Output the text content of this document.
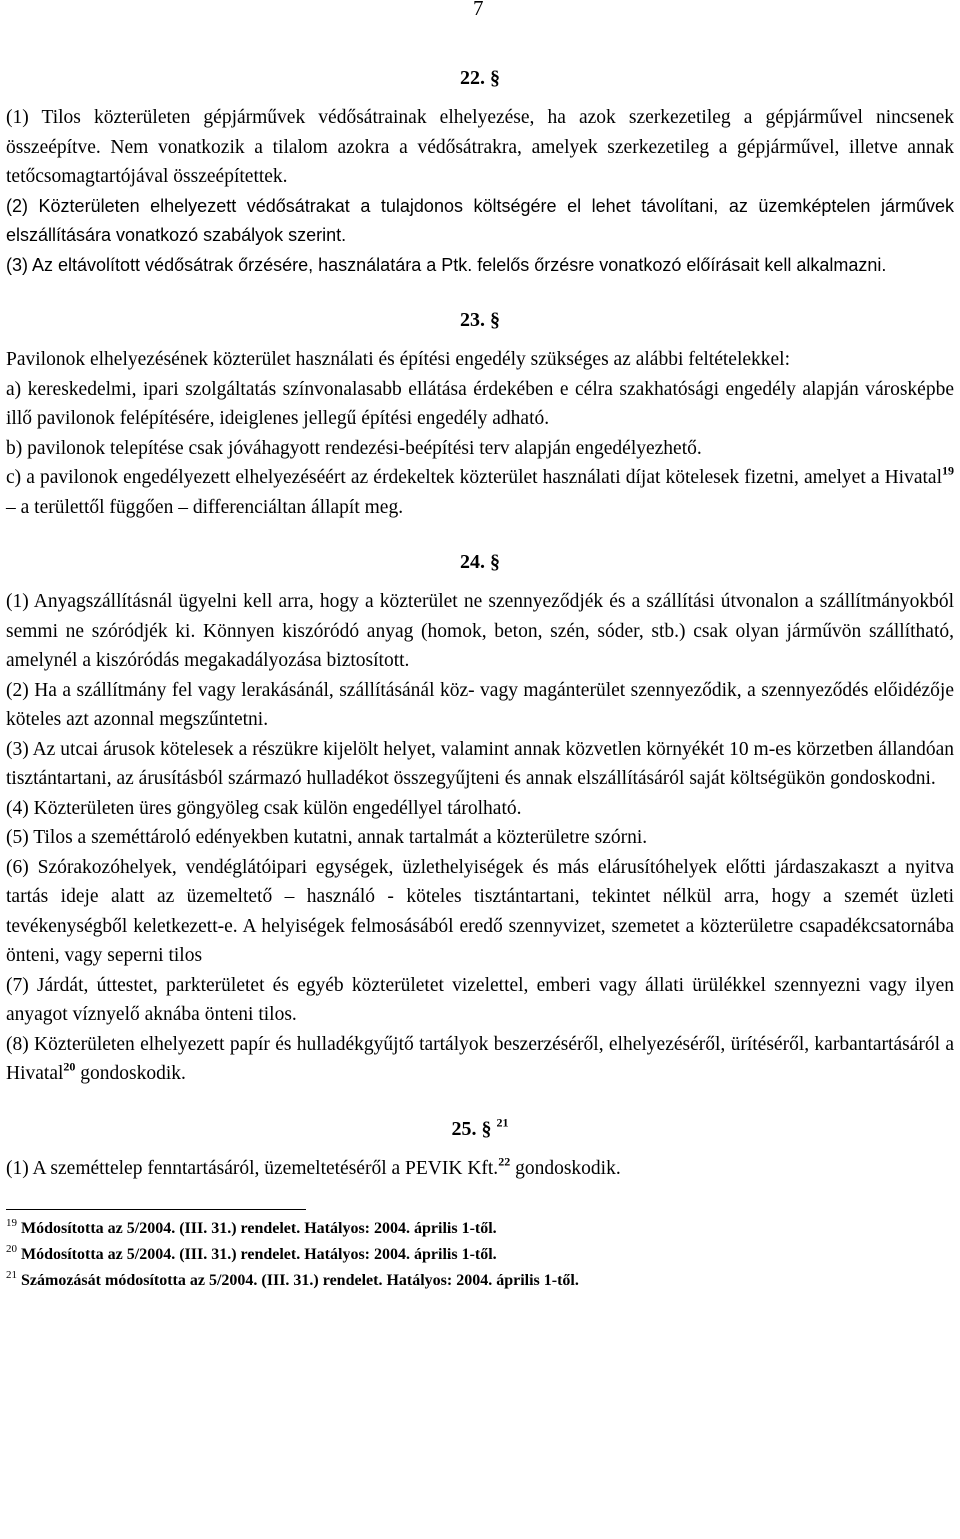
7
22. §

(1) Tilos közterületen gépjárművek védősátrainak elhelyezése, ha azok szerkezetileg a gépjárművel nincsenek összeépítve. Nem vonatkozik a tilalom azokra a védősátrakra, amelyek szerkezetileg a gépjárművel, illetve annak tetőcsomagtartójával összeépítettek.

(2) Közterületen elhelyezett védősátrakat a tulajdonos költségére el lehet távolítani, az üzemképtelen járművek elszállítására vonatkozó szabályok szerint.

(3) Az eltávolított védősátrak őrzésére, használatára a Ptk. felelős őrzésre vonatkozó előírásait kell alkalmazni.

23. §

Pavilonok elhelyezésének közterület használati és építési engedély szükséges az alábbi feltételekkel:

a) kereskedelmi, ipari szolgáltatás színvonalasabb ellátása érdekében e célra szakhatósági engedély alapján városképbe illő pavilonok felépítésére, ideiglenes jellegű építési engedély adható.

b) pavilonok telepítése csak jóváhagyott rendezési-beépítési terv alapján engedélyezhető.

c) a pavilonok engedélyezett elhelyezéséért az érdekeltek közterület használati díjat kötelesek fizetni, amelyet a Hivatal$^{19}$ – a területtől függően – differenciáltan állapít meg.

24. §

(1) Anyagszállításnál ügyelni kell arra, hogy a közterület ne szennyeződjék és a szállítási útvonalon a szállítmányokból semmi ne szóródjék ki. Könnyen kiszóródó anyag (homok, beton, szén, sóder, stb.) csak olyan járművön szállítható, amelynél a kiszóródás megakadályozása biztosított.

(2) Ha a szállítmány fel vagy lerakásánál, szállításánál köz- vagy magánterület szennyeződik, a szennyeződés előidézője köteles azt azonnal megszűntetni.

(3) Az utcai árusok kötelesek a részükre kijelölt helyet, valamint annak közvetlen környékét 10 m-es körzetben állandóan tisztántartani, az árusításból származó hulladékot összegyűjteni és annak elszállításáról saját költségükön gondoskodni.

(4) Közterületen üres göngyöleg csak külön engedéllyel tárolható.

(5) Tilos a szeméttároló edényekben kutatni, annak tartalmát a közterületre szórni.

(6) Szórakozóhelyek, vendéglátóipari egységek, üzlethelyiségek és más elárusítóhelyek előtti járdaszakaszt a nyitva tartás ideje alatt az üzemeltető – használó - köteles tisztántartani, tekintet nélkül arra, hogy a szemét üzleti tevékenységből keletkezett-e. A helyiségek felmosásából eredő szennyvizet, szemetet a közterületre csapadékcsatornába önteni, vagy seperni tilos

(7) Járdát, úttestet, parkterületet és egyéb közterületet vizelettel, emberi vagy állati ürülékkel szennyezni vagy ilyen anyagot víznyelő aknába önteni tilos.

(8) Közterületen elhelyezett papír és hulladékgyűjtő tartályok beszerzéséről, elhelyezéséről, ürítéséről, karbantartásáról a Hivatal$^{20}$ gondoskodik.

25. § $^{21}$

(1) A szeméttelep fenntartásáról, üzemeltetéséről a PEVIK Kft.$^{22}$ gondoskodik.

$^{19}$ Módosította az 5/2004. (III. 31.) rendelet. Hatályos: 2004. április 1-től.

$^{20}$ Módosította az 5/2004. (III. 31.) rendelet. Hatályos: 2004. április 1-től.

$^{21}$ Számozását módosította az 5/2004. (III. 31.) rendelet. Hatályos: 2004. április 1-től.
